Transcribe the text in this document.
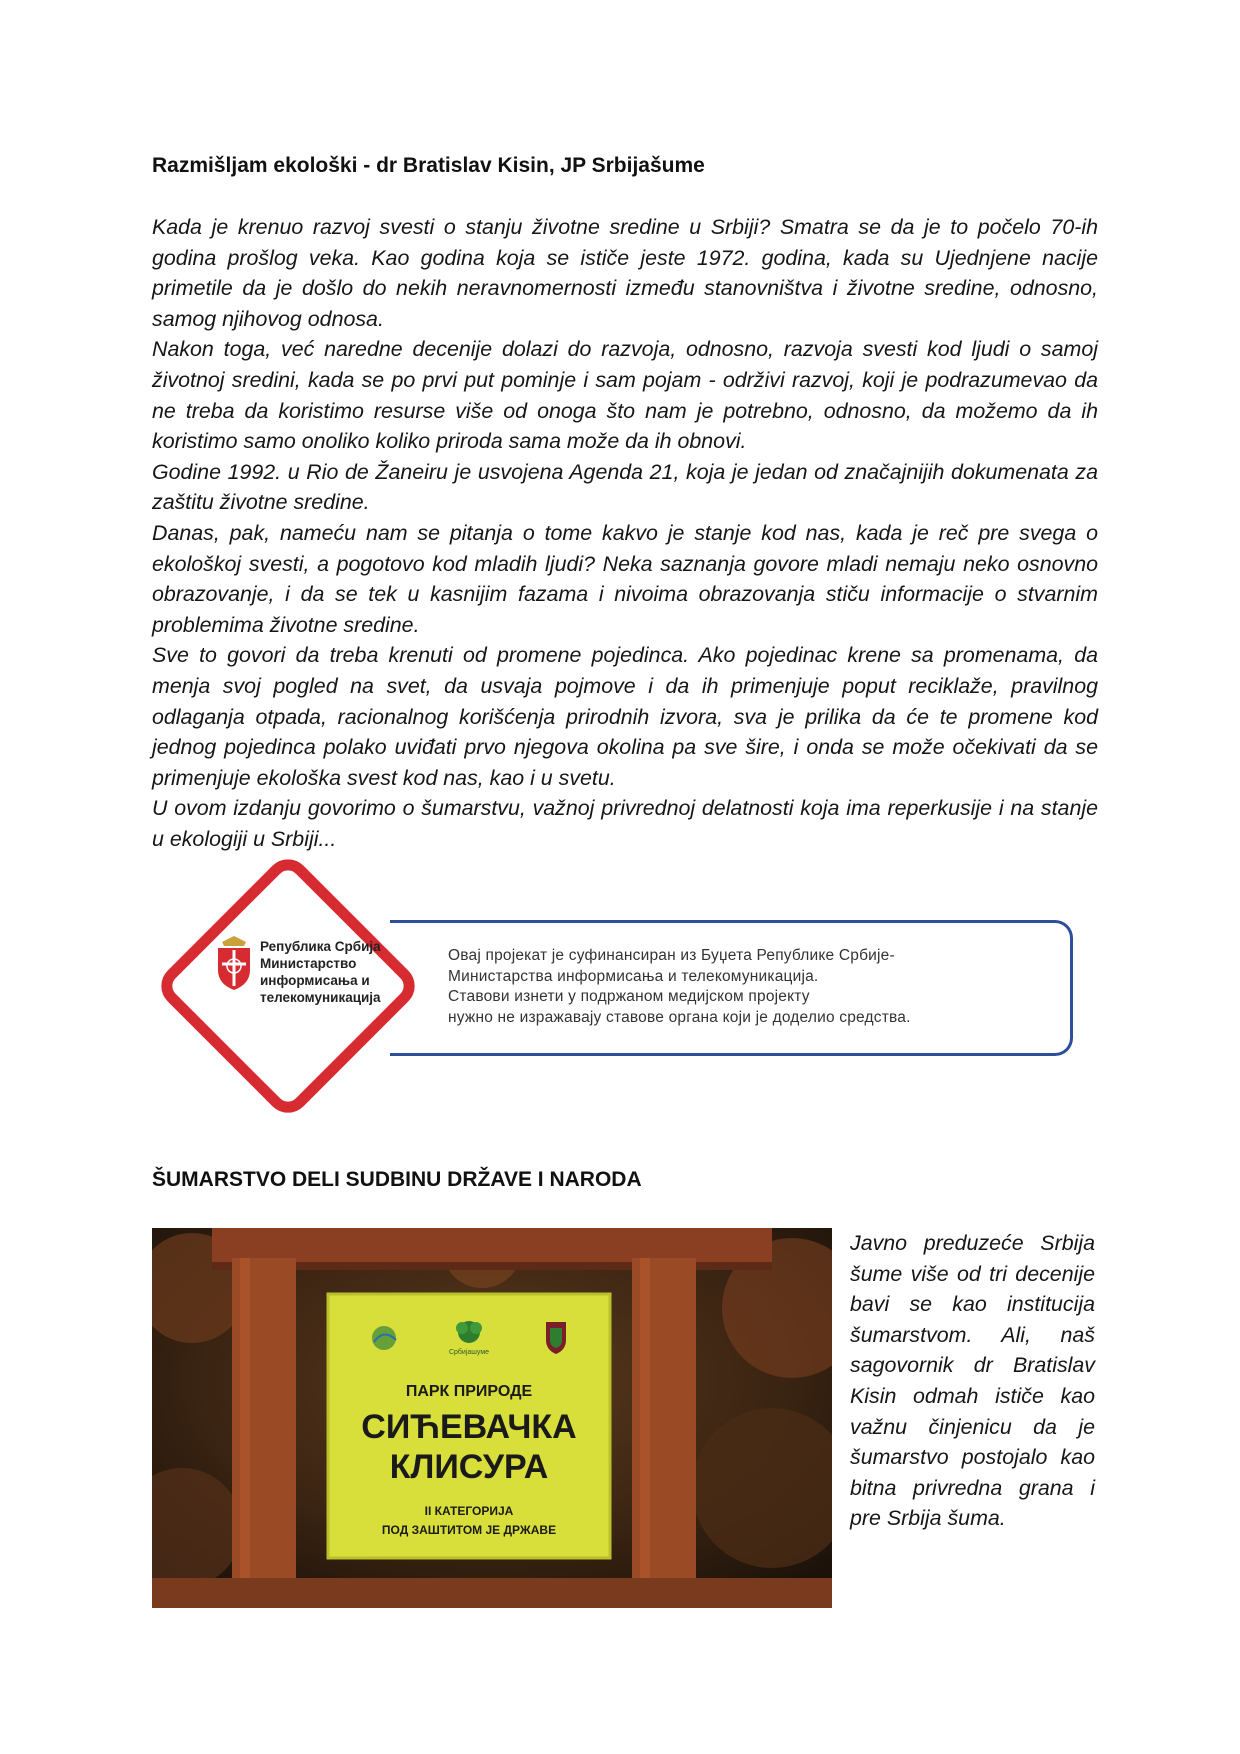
Razmišljam ekološki - dr Bratislav Kisin, JP Srbijašume

Kada je krenuo razvoj svesti o stanju životne sredine u Srbiji? Smatra se da je to počelo 70-ih godina prošlog veka. Kao godina koja se ističe jeste 1972. godina, kada su Ujednjene nacije primetile da je došlo do nekih neravnomernosti između stanovništva i životne sredine, odnosno, samog njihovog odnosa.

Nakon toga, već naredne decenije dolazi do razvoja, odnosno, razvoja svesti kod ljudi o samoj životnoj sredini, kada se po prvi put pominje i sam pojam - održivi razvoj, koji je podrazumevao da ne treba da koristimo resurse više od onoga što nam je potrebno, odnosno, da možemo da ih koristimo samo onoliko koliko priroda sama može da ih obnovi.

Godine 1992. u Rio de Žaneiru je usvojena Agenda 21, koja je jedan od značajnijih dokumenata za zaštitu životne sredine.

Danas, pak, nameću nam se pitanja o tome kakvo je stanje kod nas, kada je reč pre svega o ekološkoj svesti, a pogotovo kod mladih ljudi? Neka saznanja govore mladi nemaju neko osnovno obrazovanje, i da se tek u kasnijim fazama i nivoima obrazovanja stiču informacije o stvarnim problemima životne sredine.

Sve to govori da treba krenuti od promene pojedinca. Ako pojedinac krene sa promenama, da menja svoj pogled na svet, da usvaja pojmove i da ih primenjuje poput reciklaže, pravilnog odlaganja otpada, racionalnog korišćenja prirodnih izvora, sva je prilika da će te promene kod jednog pojedinca polako uviđati prvo njegova okolina pa sve šire, i onda se može očekivati da se primenjuje ekološka svest kod nas, kao i u svetu.

U ovom izdanju govorimo o šumarstvu, važnoj privrednoj delatnosti koja ima reperkusije i na stanje u ekologiji u Srbiji...

Република Србија
Министарство
информисања и
телекомуникација
Овај пројекат је суфинансиран из Буџета Републике Србије-
Министарства информисања и телекомуникација.
Ставови изнети у подржаном медијском пројекту
нужно не изражавају ставове органа који је доделио средства.
ŠUMARSTVO DELI SUDBINU DRŽAVE I NARODA
Србијашуме
ПАРК ПРИРОДЕ
СИЋЕВАЧКА
КЛИСУРА
II КАТЕГОРИЈА
ПОД ЗАШТИТОМ ЈЕ ДРЖАВЕ

Javno preduzeće Srbija šume više od tri decenije bavi se kao institucija šumarstvom. Ali, naš sagovornik dr Bratislav Kisin odmah ističe kao važnu činjenicu da je šumarstvo postojalo kao bitna privredna grana i pre Srbija šuma.
